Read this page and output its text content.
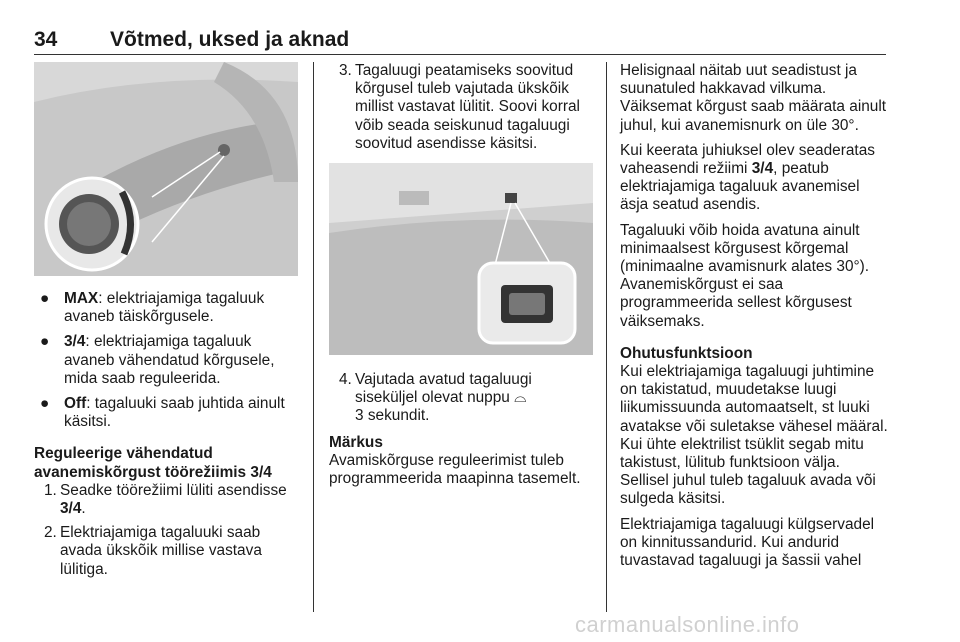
34	Võtmed, uksed ja aknad
● MAX: elektriajamiga tagaluuk avaneb täiskõrgusele.
● 3/4: elektriajamiga tagaluuk avaneb vähendatud kõrgusele, mida saab reguleerida.
● Off: tagaluuki saab juhtida ainult käsitsi.
Reguleerige vähendatud avanemiskõrgust töörežiimis 3/4
1. Seadke töörežiimi lüliti asendisse 3/4.
2. Elektriajamiga tagaluuki saab avada ükskõik millise vastava lülitiga.
3. Tagaluugi peatamiseks soovitud kõrgusel tuleb vajutada ükskõik millist vastavat lülitit. Soovi korral võib seada seiskunud tagaluugi soovitud asendisse käsitsi.
4. Vajutada avatud tagaluugi siseküljel olevat nuppu ⌓
3 sekundit.
Märkus
Avamiskõrguse reguleerimist tuleb programmeerida maapinna tasemelt.

Helisignaal näitab uut seadistust ja suunatuled hakkavad vilkuma. Väiksemat kõrgust saab määrata ainult juhul, kui avanemisnurk on üle 30°.

Kui keerata juhiuksel olev seaderatas vaheasendi režiimi 3/4, peatub elektriajamiga tagaluuk avanemisel äsja seatud asendis.

Tagaluuki võib hoida avatuna ainult minimaalsest kõrgusest kõrgemal (minimaalne avamisnurk alates 30°). Avanemiskõrgust ei saa programmeerida sellest kõrgusest väiksemaks.

Ohutusfunktsioon

Kui elektriajamiga tagaluugi juhtimine on takistatud, muudetakse luugi liikumissuunda automaatselt, st luuki avatakse või suletakse vähesel määral. Kui ühte elektrilist tsüklit segab mitu takistust, lülitub funktsioon välja. Sellisel juhul tuleb tagaluuk avada või sulgeda käsitsi.

Elektriajamiga tagaluugi külgservadel on kinnitussandurid. Kui andurid tuvastavad tagaluugi ja šassii vahel

carmanualsonline.info
